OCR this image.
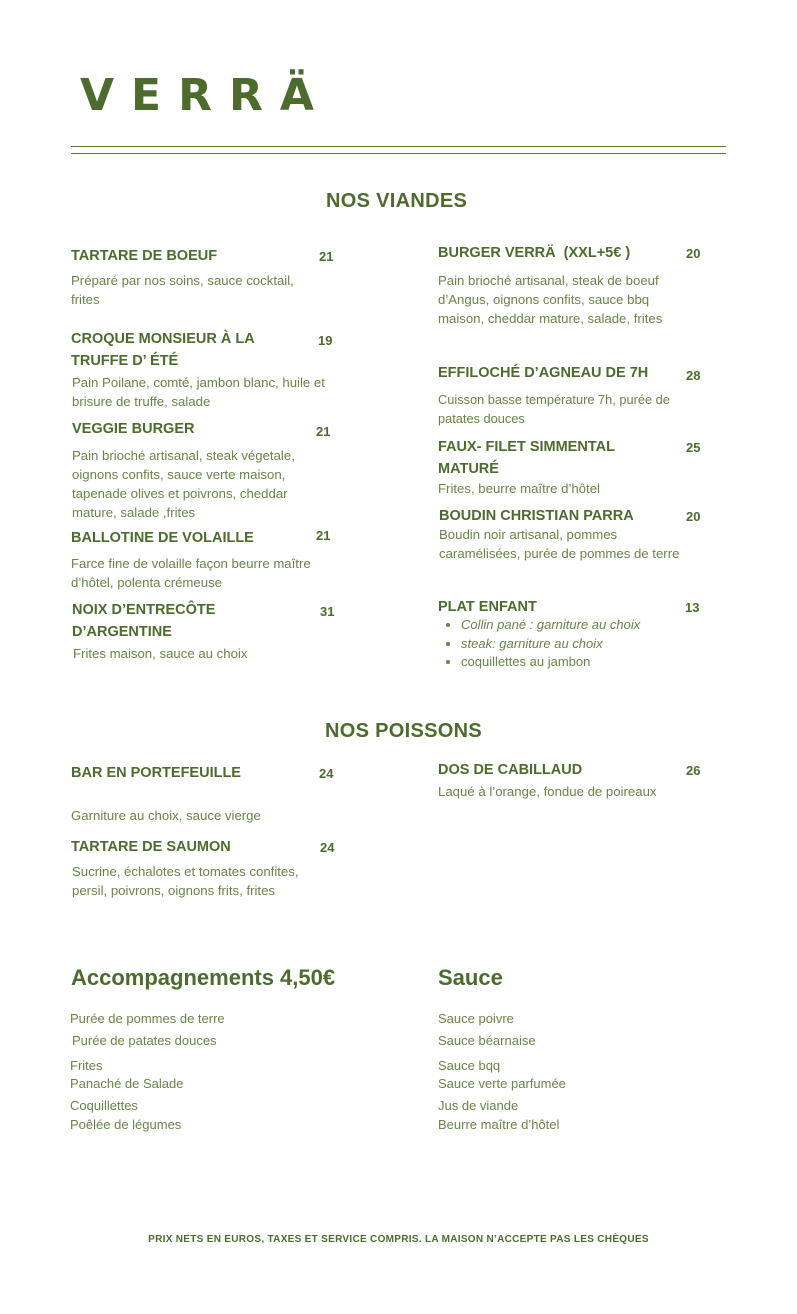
VERRÄ
NOS VIANDES
TARTARE DE BOEUF	21
Préparé par nos soins, sauce cocktail, frites
CROQUE MONSIEUR À LA TRUFFE D’ ÉTÉ
19
Pain Poilane, comté, jambon blanc, huile et brisure de truffe, salade
VEGGIE BURGER	21
Pain brioché artisanal, steak végetale, oignons confits, sauce verte maison, tapenade olives et poivrons, cheddar mature, salade ,frites
BALLOTINE DE VOLAILLE	21
Farce fine de volaille façon beurre maître d’hôtel, polenta crémeuse
NOIX D’ENTRECÔTE D’ARGENTINE
31
Frites maison, sauce au choix
BURGER VERRÄ  (XXL+5€ )	20
Pain brioché artisanal, steak de boeuf d’Angus, oignons confits, sauce bbq maison, cheddar mature, salade, frites
EFFILOCHÉ D’AGNEAU DE 7H	28
Cuisson basse température 7h, purée de patates douces
FAUX- FILET SIMMENTAL MATURÉ
25
Frites, beurre maître d’hôtel
BOUDIN CHRISTIAN PARRA	20
Boudin noir artisanal, pommes caramélisées, purée de pommes de terre
PLAT ENFANT	13
• Collin pané : garniture au choix
• steak: garniture au choix
• coquillettes au jambon
NOS POISSONS
BAR EN PORTEFEUILLE	24
Garniture au choix, sauce vierge
TARTARE DE SAUMON	24
Sucrine, échalotes et tomates confites, persil, poivrons, oignons frits, frites
DOS DE CABILLAUD	26
Laqué à l’orange, fondue de poireaux
Accompagnements 4,50€
Purée de pommes de terre
Purée de patates douces
Frites
Panaché de Salade
Coquillettes
Poêlée de légumes
Sauce
Sauce poivre
Sauce béarnaise
Sauce bqq
Sauce verte parfumée
Jus de viande
Beurre maître d’hôtel
PRIX NETS EN EUROS, TAXES ET SERVICE COMPRIS. LA MAISON N’ACCEPTE PAS LES CHÈQUES
